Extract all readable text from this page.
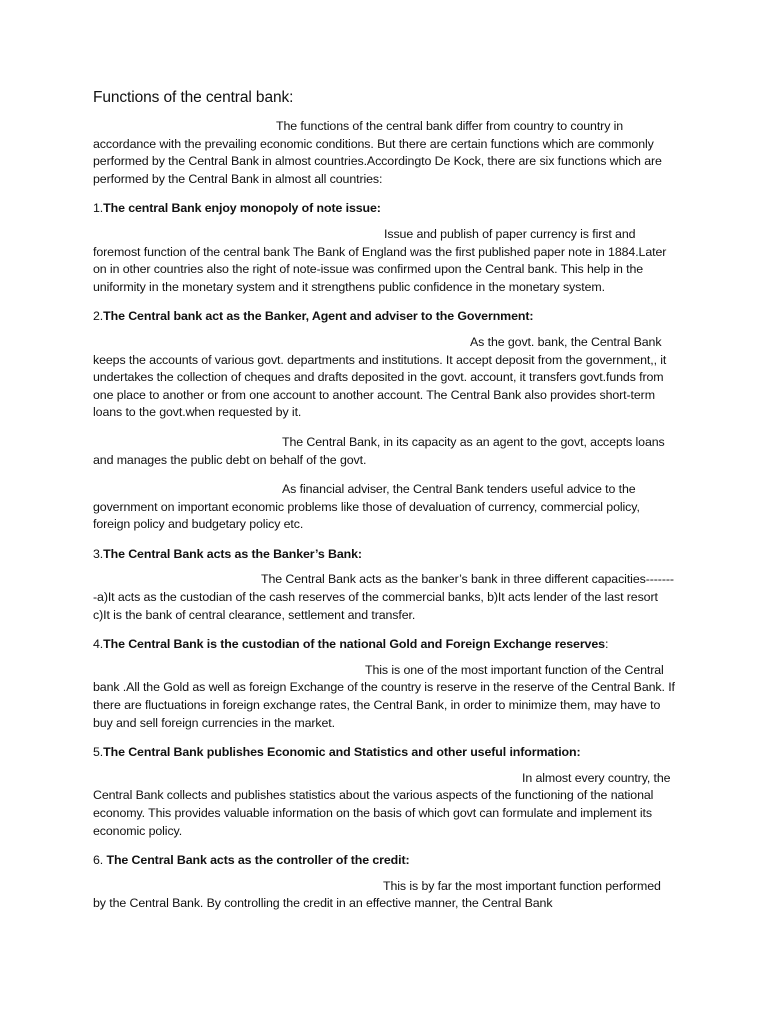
Functions of the central bank:

The functions of the central bank differ from country to country in accordance with the prevailing economic conditions. But there are certain functions which are commonly performed by the Central Bank in almost countries.Accordingto De Kock, there are six functions which are performed by the Central Bank in almost all countries:

1.The central Bank enjoy monopoly of note issue:

Issue and publish of paper currency is first and foremost function of the central bank The Bank of England was the first published paper note in 1884.Later on in other countries also the right of note-issue was confirmed upon the Central bank. This help in the uniformity in the monetary system and it strengthens public confidence in the monetary system.

2.The Central bank act as the Banker, Agent and adviser to the Government:

As the govt. bank, the Central Bank keeps the accounts of various govt. departments and institutions. It accept deposit from the government,, it undertakes the collection of cheques and drafts deposited in the govt. account, it transfers govt.funds from one place to another or from one account to another account. The Central Bank also provides short-term loans to the govt.when requested by it.

The Central Bank, in its capacity as an agent to the govt, accepts loans and manages the public debt on behalf of the govt.

As financial adviser, the Central Bank tenders useful advice to the government on important economic problems like those of devaluation of currency, commercial policy, foreign policy and budgetary policy etc.

3.The Central Bank acts as the Banker’s Bank:

The Central Bank acts as the banker’s bank in three different capacities--------a)It acts as the custodian of the cash reserves of the commercial banks, b)It acts lender of the last resort c)It is the bank of central clearance, settlement and transfer.

4.The Central Bank is the custodian of the national Gold and Foreign Exchange reserves:

This is one of the most important function of the Central bank .All the Gold as well as foreign Exchange of the country is reserve in the reserve of the Central Bank. If there are fluctuations in foreign exchange rates, the Central Bank, in order to minimize them, may have to buy and sell foreign currencies in the market.

5.The Central Bank publishes Economic and Statistics and other useful information:

In almost every country, the Central Bank collects and publishes statistics about the various aspects of the functioning of the national economy. This provides valuable information on the basis of which govt can formulate and implement its economic policy.

6. The Central Bank acts as the controller of the credit:

This is by far the most important function performed by the Central Bank. By controlling the credit in an effective manner, the Central Bank
